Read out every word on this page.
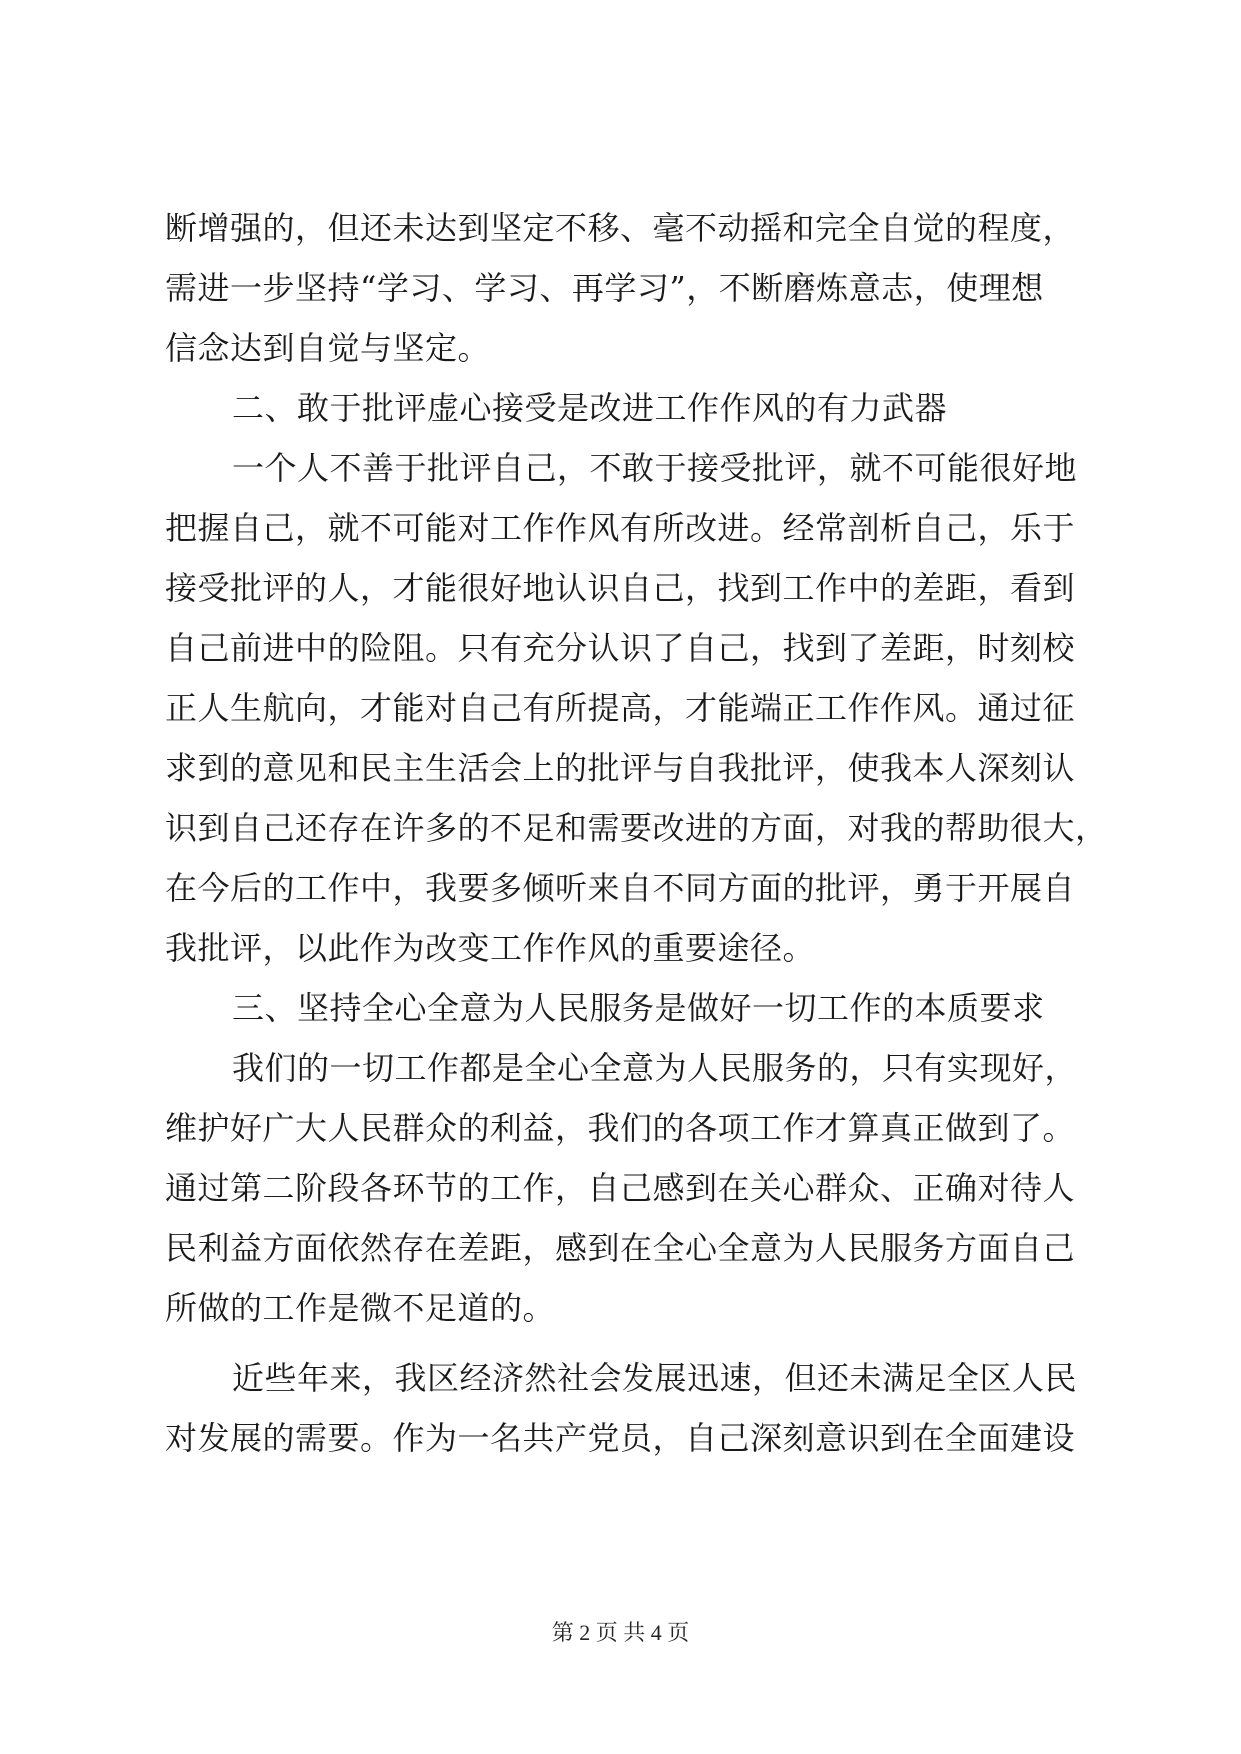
断增强的，但还未达到坚定不移、毫不动摇和完全自觉的程度，
需进一步坚持“学习、学习、再学习”，不断磨炼意志，使理想
信念达到自觉与坚定。
二、敢于批评虚心接受是改进工作作风的有力武器
一个人不善于批评自己，不敢于接受批评，就不可能很好地
把握自己，就不可能对工作作风有所改进。经常剖析自己，乐于
接受批评的人，才能很好地认识自己，找到工作中的差距，看到
自己前进中的险阻。只有充分认识了自己，找到了差距，时刻校
正人生航向，才能对自己有所提高，才能端正工作作风。通过征
求到的意见和民主生活会上的批评与自我批评，使我本人深刻认
识到自己还存在许多的不足和需要改进的方面，对我的帮助很大，
在今后的工作中，我要多倾听来自不同方面的批评，勇于开展自
我批评，以此作为改变工作作风的重要途径。
三、坚持全心全意为人民服务是做好一切工作的本质要求
我们的一切工作都是全心全意为人民服务的，只有实现好，
维护好广大人民群众的利益，我们的各项工作才算真正做到了。
通过第二阶段各环节的工作，自己感到在关心群众、正确对待人
民利益方面依然存在差距，感到在全心全意为人民服务方面自己
所做的工作是微不足道的。
近些年来，我区经济然社会发展迅速，但还未满足全区人民
对发展的需要。作为一名共产党员，自己深刻意识到在全面建设
第 2 页 共 4 页
